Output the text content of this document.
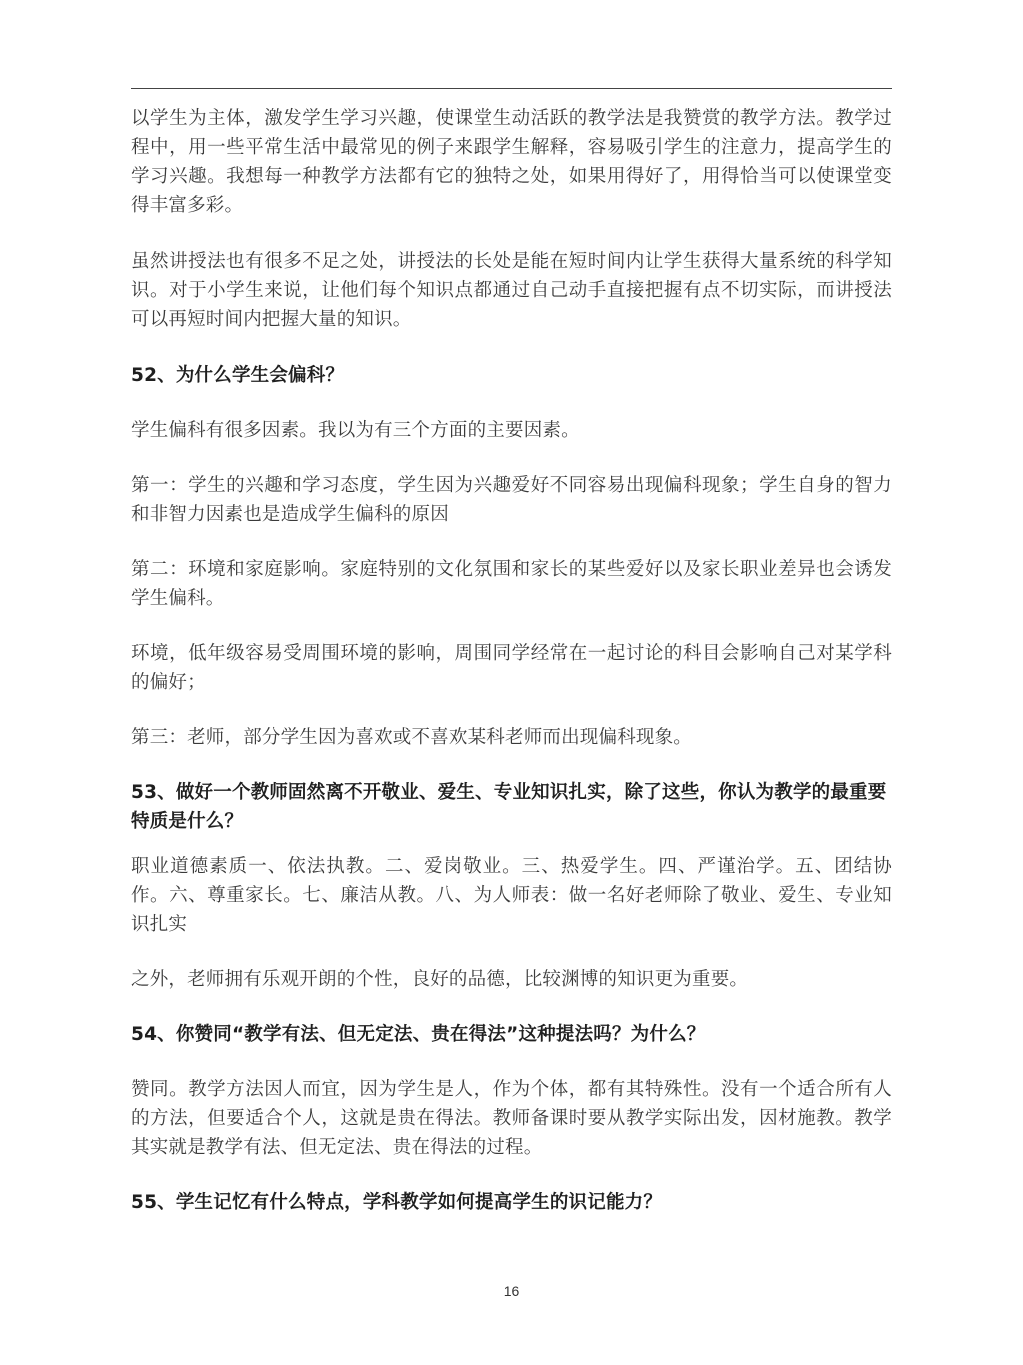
以学生为主体，激发学生学习兴趣，使课堂生动活跃的教学法是我赞赏的教学方法。教学过程中，用一些平常生活中最常见的例子来跟学生解释，容易吸引学生的注意力，提高学生的学习兴趣。我想每一种教学方法都有它的独特之处，如果用得好了，用得恰当可以使课堂变得丰富多彩。

虽然讲授法也有很多不足之处，讲授法的长处是能在短时间内让学生获得大量系统的科学知识。对于小学生来说，让他们每个知识点都通过自己动手直接把握有点不切实际，而讲授法可以再短时间内把握大量的知识。

52、为什么学生会偏科？

学生偏科有很多因素。我以为有三个方面的主要因素。

第一：学生的兴趣和学习态度，学生因为兴趣爱好不同容易出现偏科现象；学生自身的智力和非智力因素也是造成学生偏科的原因

第二：环境和家庭影响。家庭特别的文化氛围和家长的某些爱好以及家长职业差异也会诱发学生偏科。

环境，低年级容易受周围环境的影响，周围同学经常在一起讨论的科目会影响自己对某学科的偏好；

第三：老师，部分学生因为喜欢或不喜欢某科老师而出现偏科现象。

53、做好一个教师固然离不开敬业、爱生、专业知识扎实，除了这些，你认为教学的最重要特质是什么？

职业道德素质一、依法执教。二、爱岗敬业。三、热爱学生。四、严谨治学。五、团结协作。六、尊重家长。七、廉洁从教。八、为人师表：做一名好老师除了敬业、爱生、专业知识扎实

之外，老师拥有乐观开朗的个性，良好的品德，比较渊博的知识更为重要。

54、你赞同“教学有法、但无定法、贵在得法”这种提法吗？为什么？

赞同。教学方法因人而宜，因为学生是人，作为个体，都有其特殊性。没有一个适合所有人的方法，但要适合个人，这就是贵在得法。教师备课时要从教学实际出发，因材施教。教学其实就是教学有法、但无定法、贵在得法的过程。

55、学生记忆有什么特点，学科教学如何提高学生的识记能力？

16
